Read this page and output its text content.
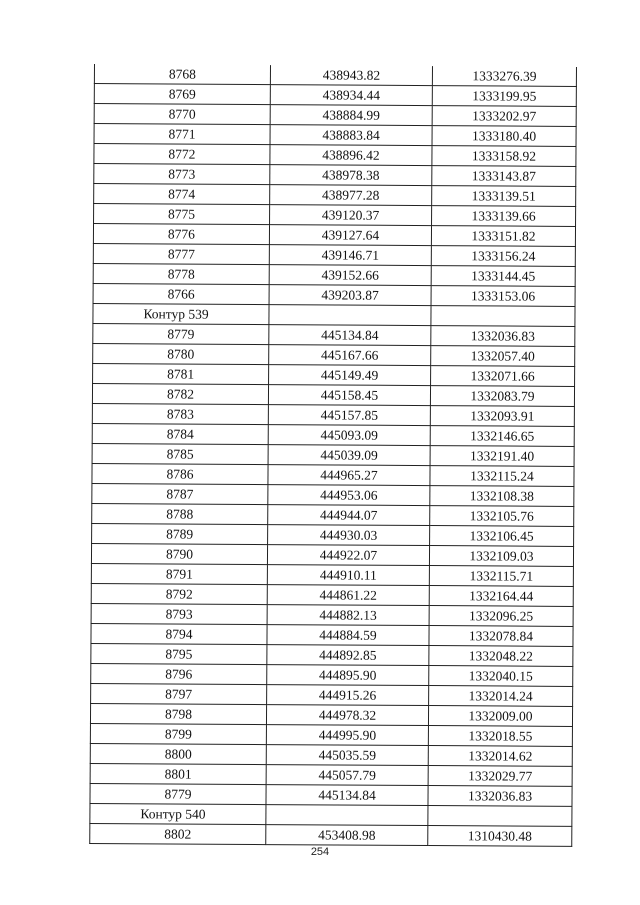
8768	438943.82	1333276.39
8769	438934.44	1333199.95
8770	438884.99	1333202.97
8771	438883.84	1333180.40
8772	438896.42	1333158.92
8773	438978.38	1333143.87
8774	438977.28	1333139.51
8775	439120.37	1333139.66
8776	439127.64	1333151.82
8777	439146.71	1333156.24
8778	439152.66	1333144.45
8766	439203.87	1333153.06
Контур 539		
8779	445134.84	1332036.83
8780	445167.66	1332057.40
8781	445149.49	1332071.66
8782	445158.45	1332083.79
8783	445157.85	1332093.91
8784	445093.09	1332146.65
8785	445039.09	1332191.40
8786	444965.27	1332115.24
8787	444953.06	1332108.38
8788	444944.07	1332105.76
8789	444930.03	1332106.45
8790	444922.07	1332109.03
8791	444910.11	1332115.71
8792	444861.22	1332164.44
8793	444882.13	1332096.25
8794	444884.59	1332078.84
8795	444892.85	1332048.22
8796	444895.90	1332040.15
8797	444915.26	1332014.24
8798	444978.32	1332009.00
8799	444995.90	1332018.55
8800	445035.59	1332014.62
8801	445057.79	1332029.77
8779	445134.84	1332036.83
Контур 540		
8802	453408.98	1310430.48
254
